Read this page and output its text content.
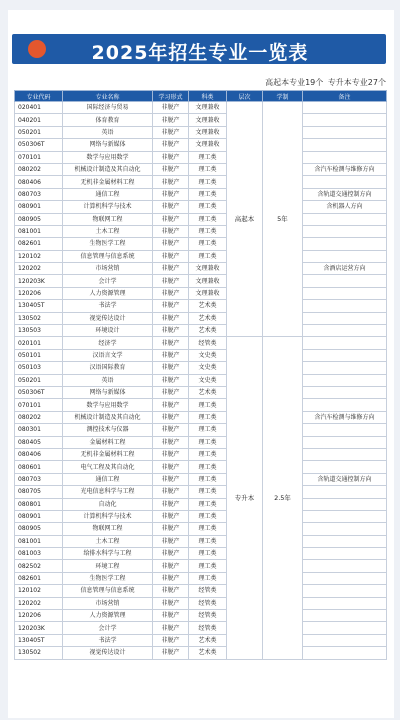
2025年招生专业一览表
高起本专业19个 专升本专业27个
专业代码	专业名称	学习形式	科类	层次	学制	备注
020401	国际经济与贸易	非脱产	文理兼收	高起本	5年	
040201	体育教育	非脱产	文理兼收			
050201	英语	非脱产	文理兼收			
050306T	网络与新媒体	非脱产	文理兼收			
070101	数学与应用数学	非脱产	理工类			
080202	机械设计制造及其自动化	非脱产	理工类			含汽车检测与维修方向
080406	无机非金属材料工程	非脱产	理工类			
080703	通信工程	非脱产	理工类			含轨道交通控制方向
080901	计算机科学与技术	非脱产	理工类			含机器人方向
080905	物联网工程	非脱产	理工类			
081001	土木工程	非脱产	理工类			
082601	生物医学工程	非脱产	理工类			
120102	信息管理与信息系统	非脱产	理工类			
120202	市场营销	非脱产	文理兼收			含酒店运营方向
120203K	会计学	非脱产	文理兼收			
120206	人力资源管理	非脱产	文理兼收			
130405T	书法学	非脱产	艺术类			
130502	视觉传达设计	非脱产	艺术类			
130503	环境设计	非脱产	艺术类			
020101	经济学	非脱产	经管类	专升本	2.5年	
050101	汉语言文学	非脱产	文史类			
050103	汉语国际教育	非脱产	文史类			
050201	英语	非脱产	文史类			
050306T	网络与新媒体	非脱产	艺术类			
070101	数学与应用数学	非脱产	理工类			
080202	机械设计制造及其自动化	非脱产	理工类			含汽车检测与维修方向
080301	测控技术与仪器	非脱产	理工类			
080405	金属材料工程	非脱产	理工类			
080406	无机非金属材料工程	非脱产	理工类			
080601	电气工程及其自动化	非脱产	理工类			
080703	通信工程	非脱产	理工类			含轨道交通控制方向
080705	光电信息科学与工程	非脱产	理工类			
080801	自动化	非脱产	理工类			
080901	计算机科学与技术	非脱产	理工类			
080905	物联网工程	非脱产	理工类			
081001	土木工程	非脱产	理工类			
081003	给排水科学与工程	非脱产	理工类			
082502	环境工程	非脱产	理工类			
082601	生物医学工程	非脱产	理工类			
120102	信息管理与信息系统	非脱产	经管类			
120202	市场营销	非脱产	经管类			
120206	人力资源管理	非脱产	经管类			
120203K	会计学	非脱产	经管类			
130405T	书法学	非脱产	艺术类			
130502	视觉传达设计	非脱产	艺术类			
